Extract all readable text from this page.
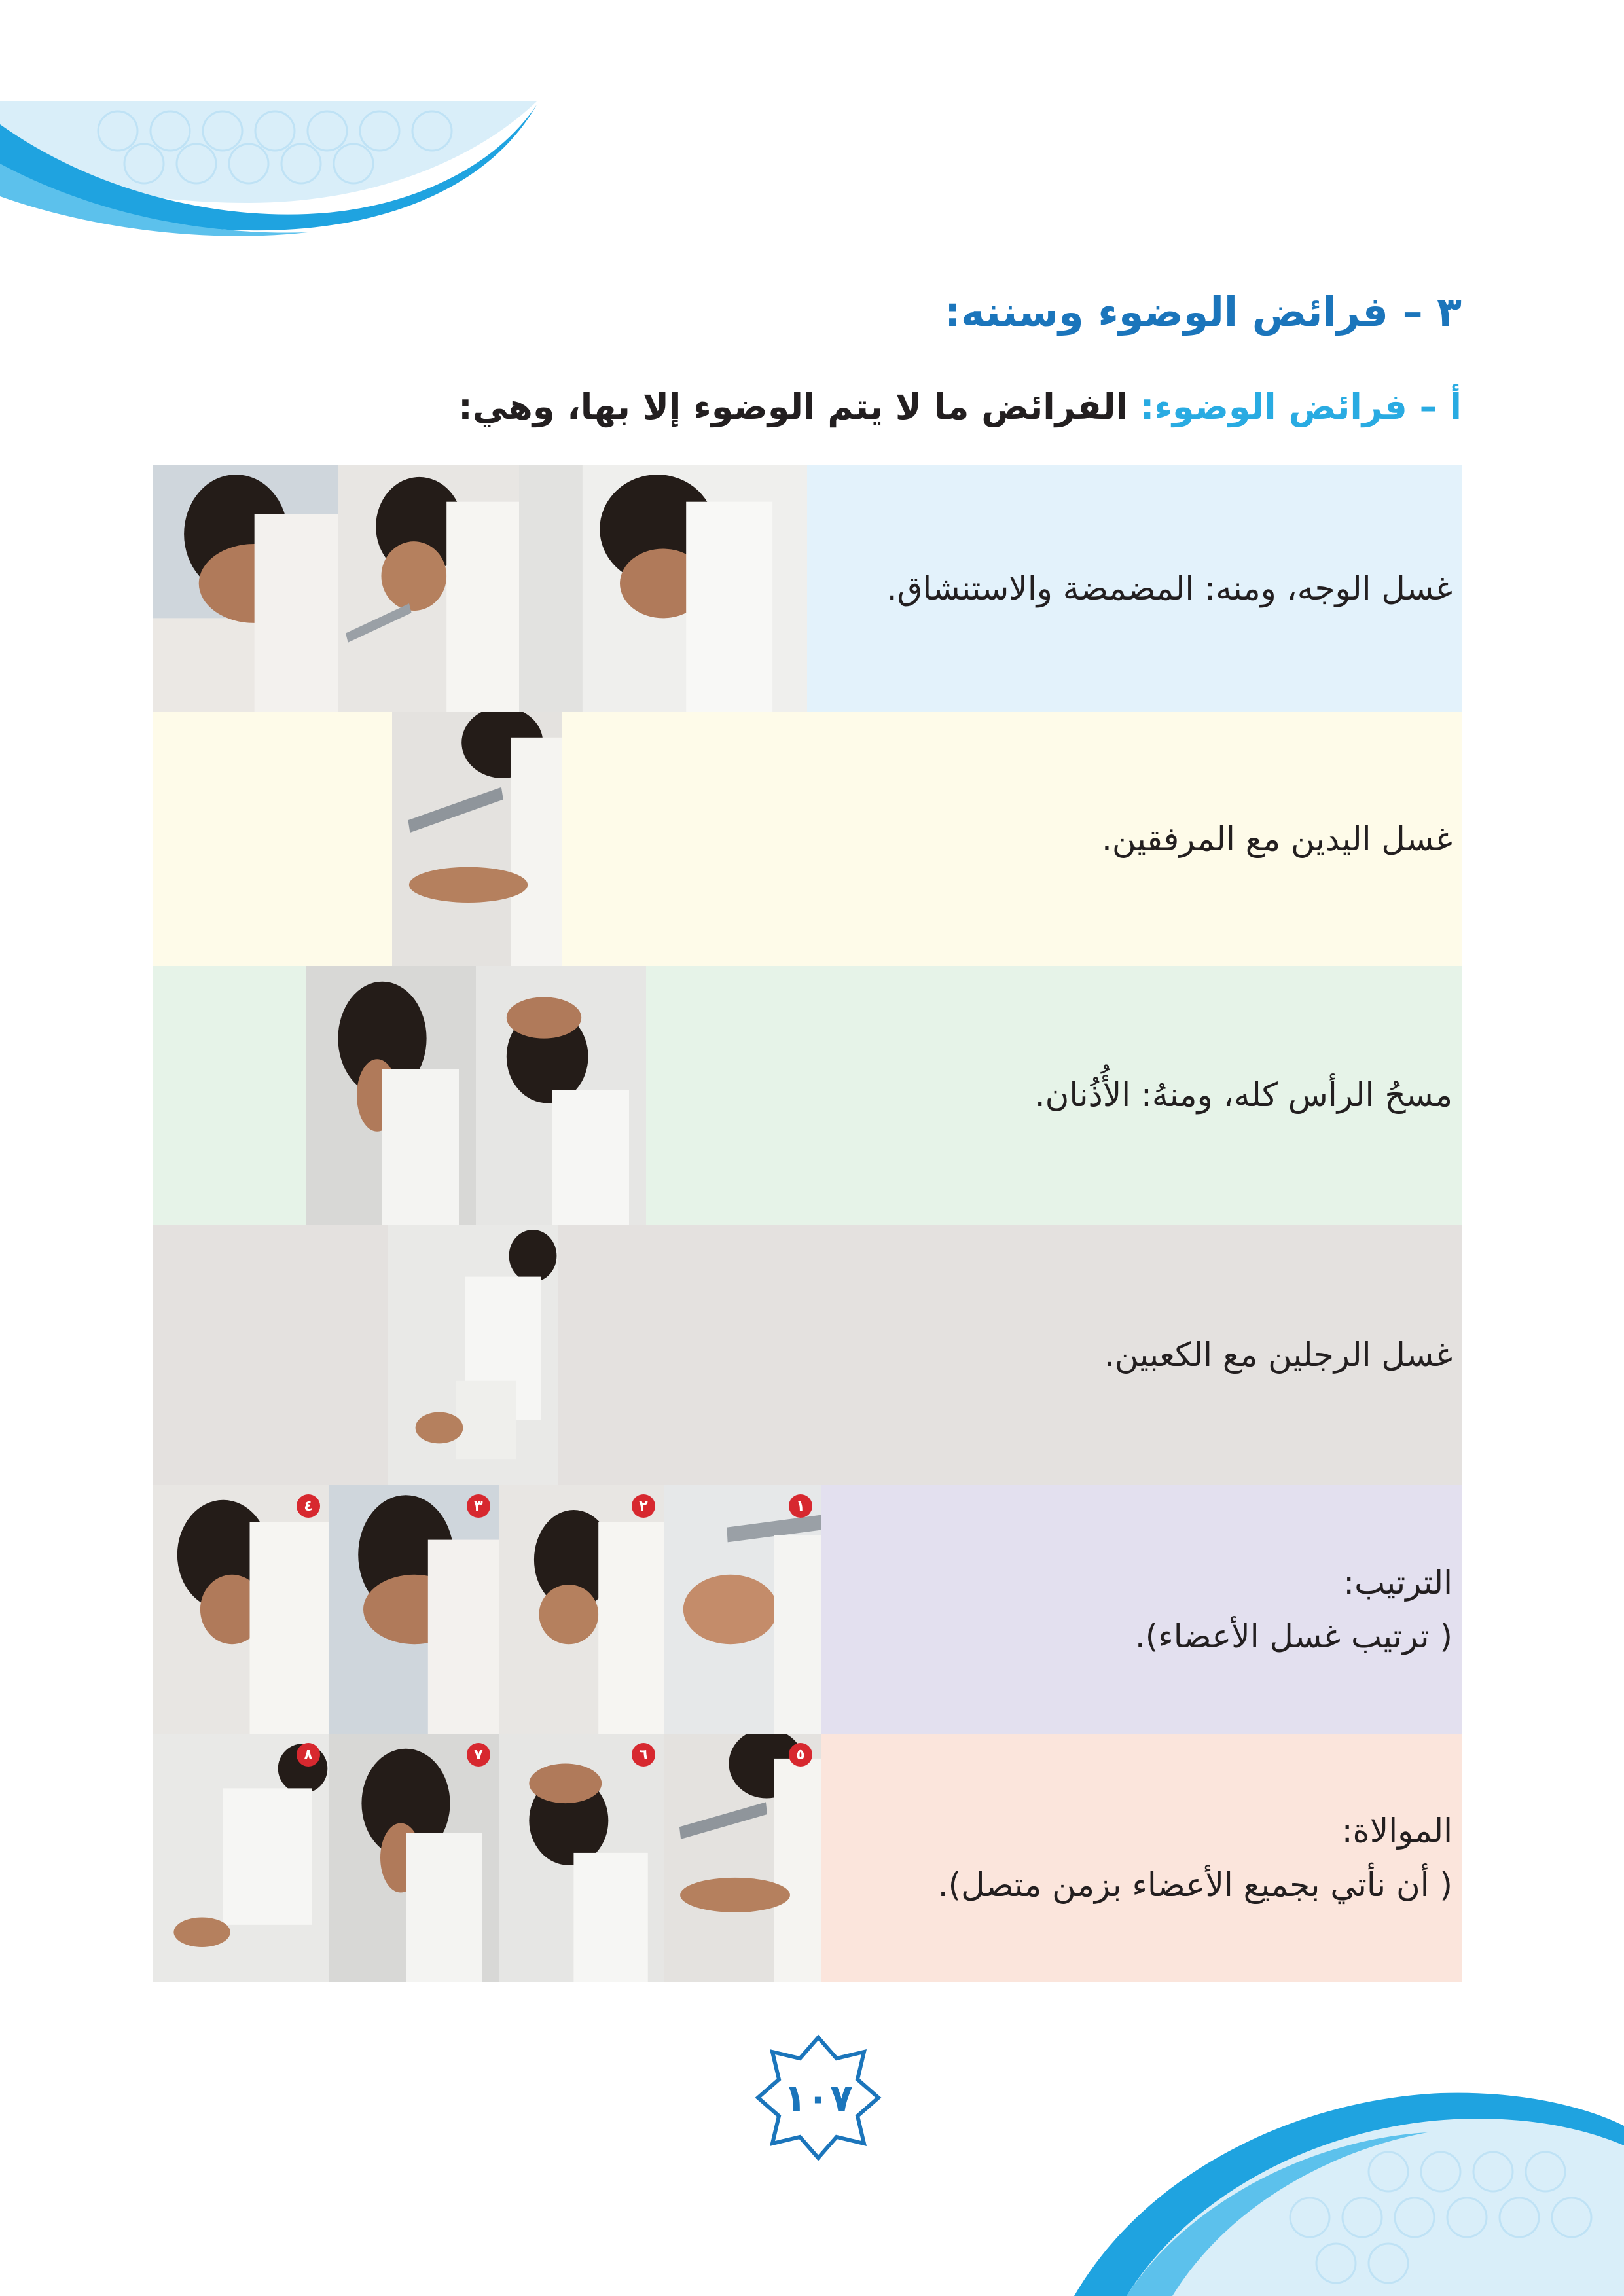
٣ – فرائض الوضوء وسننه:
أ – فرائض الوضوء: الفرائض ما لا يتم الوضوء إلا بها، وهي:
غسل الوجه، ومنه: المضمضة والاستنشاق.
غسل اليدين مع المرفقين.
مسحُ الرأس كله، ومنهُ: الأُذُنان.
غسل الرجلين مع الكعبين.
٤	٣	٢	١
الترتيب:
( ترتيب غسل الأعضاء).
٨	٧	٦	٥
الموالاة:
( أن نأتي بجميع الأعضاء بزمن متصل).
١٠٧
